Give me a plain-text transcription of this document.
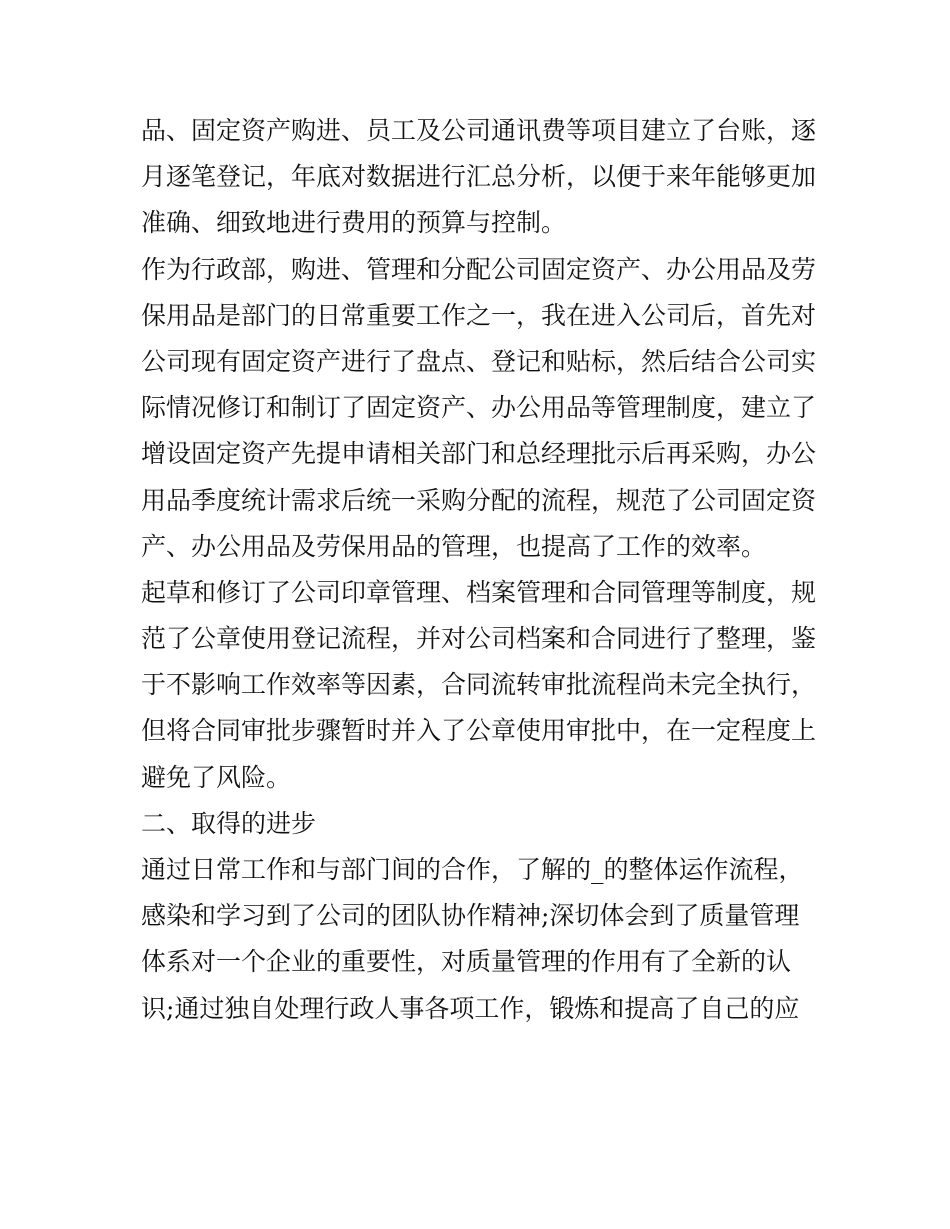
品、固定资产购进、员工及公司通讯费等项目建立了台账，逐
月逐笔登记，年底对数据进行汇总分析，以便于来年能够更加
准确、细致地进行费用的预算与控制。
作为行政部，购进、管理和分配公司固定资产、办公用品及劳
保用品是部门的日常重要工作之一，我在进入公司后，首先对
公司现有固定资产进行了盘点、登记和贴标，然后结合公司实
际情况修订和制订了固定资产、办公用品等管理制度，建立了
增设固定资产先提申请相关部门和总经理批示后再采购，办公
用品季度统计需求后统一采购分配的流程，规范了公司固定资
产、办公用品及劳保用品的管理，也提高了工作的效率。
起草和修订了公司印章管理、档案管理和合同管理等制度，规
范了公章使用登记流程，并对公司档案和合同进行了整理，鉴
于不影响工作效率等因素，合同流转审批流程尚未完全执行，
但将合同审批步骤暂时并入了公章使用审批中，在一定程度上
避免了风险。
二、取得的进步
通过日常工作和与部门间的合作，了解的_的整体运作流程，
感染和学习到了公司的团队协作精神;深切体会到了质量管理
体系对一个企业的重要性，对质量管理的作用有了全新的认
识;通过独自处理行政人事各项工作，锻炼和提高了自己的应
